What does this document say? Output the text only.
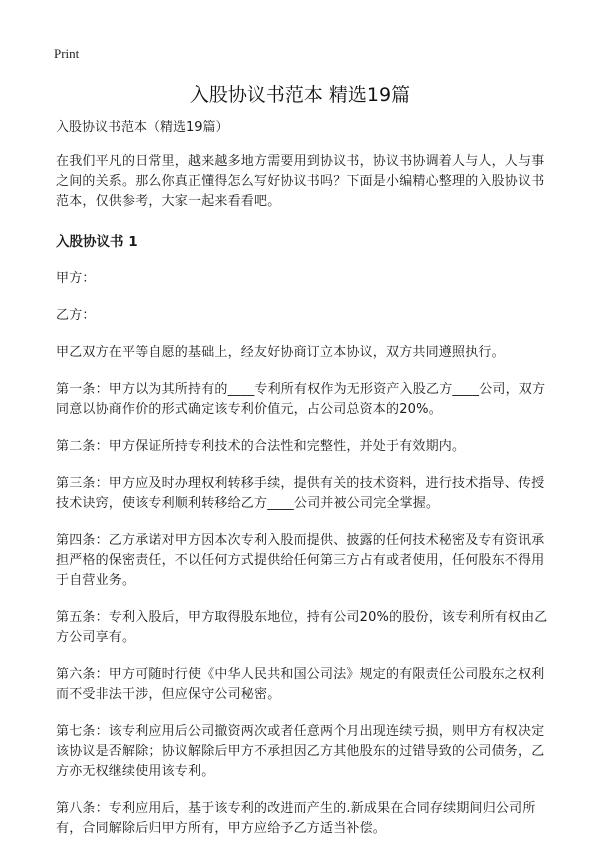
Print
入股协议书范本 精选19篇

入股协议书范本（精选19篇）

在我们平凡的日常里，越来越多地方需要用到协议书，协议书协调着人与人，人与事之间的关系。那么你真正懂得怎么写好协议书吗？下面是小编精心整理的入股协议书范本，仅供参考，大家一起来看看吧。

入股协议书 1

甲方：

乙方：

甲乙双方在平等自愿的基础上，经友好协商订立本协议，双方共同遵照执行。

第一条：甲方以为其所持有的____专利所有权作为无形资产入股乙方____公司，双方同意以协商作价的形式确定该专利价值元，占公司总资本的20%。

第二条：甲方保证所持专利技术的合法性和完整性，并处于有效期内。

第三条：甲方应及时办理权利转移手续，提供有关的技术资料，进行技术指导、传授技术诀窍，使该专利顺利转移给乙方____公司并被公司完全掌握。

第四条：乙方承诺对甲方因本次专利入股而提供、披露的任何技术秘密及专有资讯承担严格的保密责任，不以任何方式提供给任何第三方占有或者使用，任何股东不得用于自营业务。

第五条：专利入股后，甲方取得股东地位，持有公司20%的股份，该专利所有权由乙方公司享有。

第六条：甲方可随时行使《中华人民共和国公司法》规定的有限责任公司股东之权利而不受非法干涉，但应保守公司秘密。

第七条：该专利应用后公司撤资两次或者任意两个月出现连续亏损，则甲方有权决定该协议是否解除；协议解除后甲方不承担因乙方其他股东的过错导致的公司债务，乙方亦无权继续使用该专利。

第八条：专利应用后，基于该专利的改进而产生的.新成果在合同存续期间归公司所有，合同解除后归甲方所有，甲方应给予乙方适当补偿。
